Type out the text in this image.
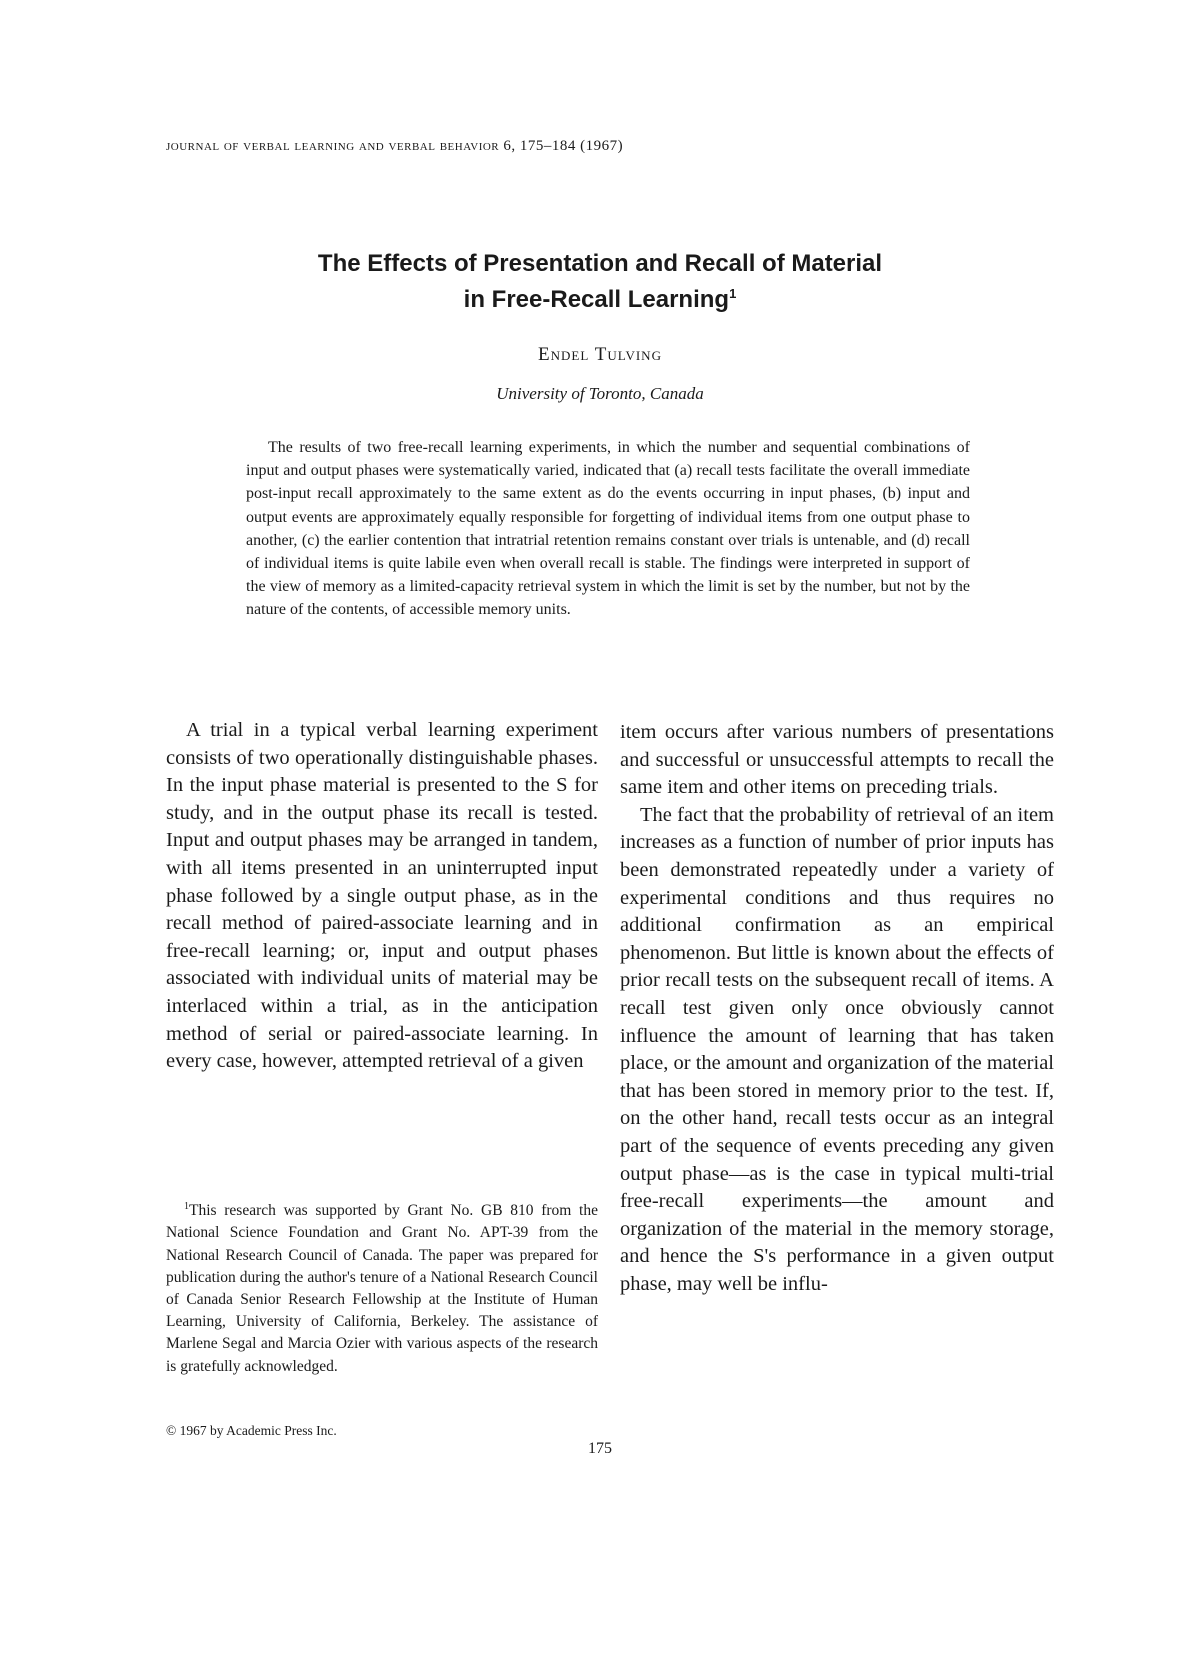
journal of verbal learning and verbal behavior 6, 175–184 (1967)
The Effects of Presentation and Recall of Material
in Free-Recall Learning$^1$
Endel Tulving
University of Toronto, Canada

The results of two free-recall learning experiments, in which the number and sequential combinations of input and output phases were systematically varied, indicated that (a) recall tests facilitate the overall immediate post-input recall approximately to the same extent as do the events occurring in input phases, (b) input and output events are approximately equally responsible for forgetting of individual items from one output phase to another, (c) the earlier contention that intratrial retention remains constant over trials is untenable, and (d) recall of individual items is quite labile even when overall recall is stable. The findings were interpreted in support of the view of memory as a limited-capacity retrieval system in which the limit is set by the number, but not by the nature of the contents, of accessible memory units.

A trial in a typical verbal learning experiment consists of two operationally distinguishable phases. In the input phase material is presented to the S for study, and in the output phase its recall is tested. Input and output phases may be arranged in tandem, with all items presented in an uninterrupted input phase followed by a single output phase, as in the recall method of paired-associate learning and in free-recall learning; or, input and output phases associated with individual units of material may be interlaced within a trial, as in the anticipation method of serial or paired-associate learning. In every case, however, attempted retrieval of a given

item occurs after various numbers of presentations and successful or unsuccessful attempts to recall the same item and other items on preceding trials.

The fact that the probability of retrieval of an item increases as a function of number of prior inputs has been demonstrated repeatedly under a variety of experimental conditions and thus requires no additional confirmation as an empirical phenomenon. But little is known about the effects of prior recall tests on the subsequent recall of items. A recall test given only once obviously cannot influence the amount of learning that has taken place, or the amount and organization of the material that has been stored in memory prior to the test. If, on the other hand, recall tests occur as an integral part of the sequence of events preceding any given output phase—as is the case in typical multi-trial free-recall experiments—the amount and organization of the material in the memory storage, and hence the S's performance in a given output phase, may well be influ-

$^1$This research was supported by Grant No. GB 810 from the National Science Foundation and Grant No. APT-39 from the National Research Council of Canada. The paper was prepared for publication during the author's tenure of a National Research Council of Canada Senior Research Fellowship at the Institute of Human Learning, University of California, Berkeley. The assistance of Marlene Segal and Marcia Ozier with various aspects of the research is gratefully acknowledged.

© 1967 by Academic Press Inc.
175
